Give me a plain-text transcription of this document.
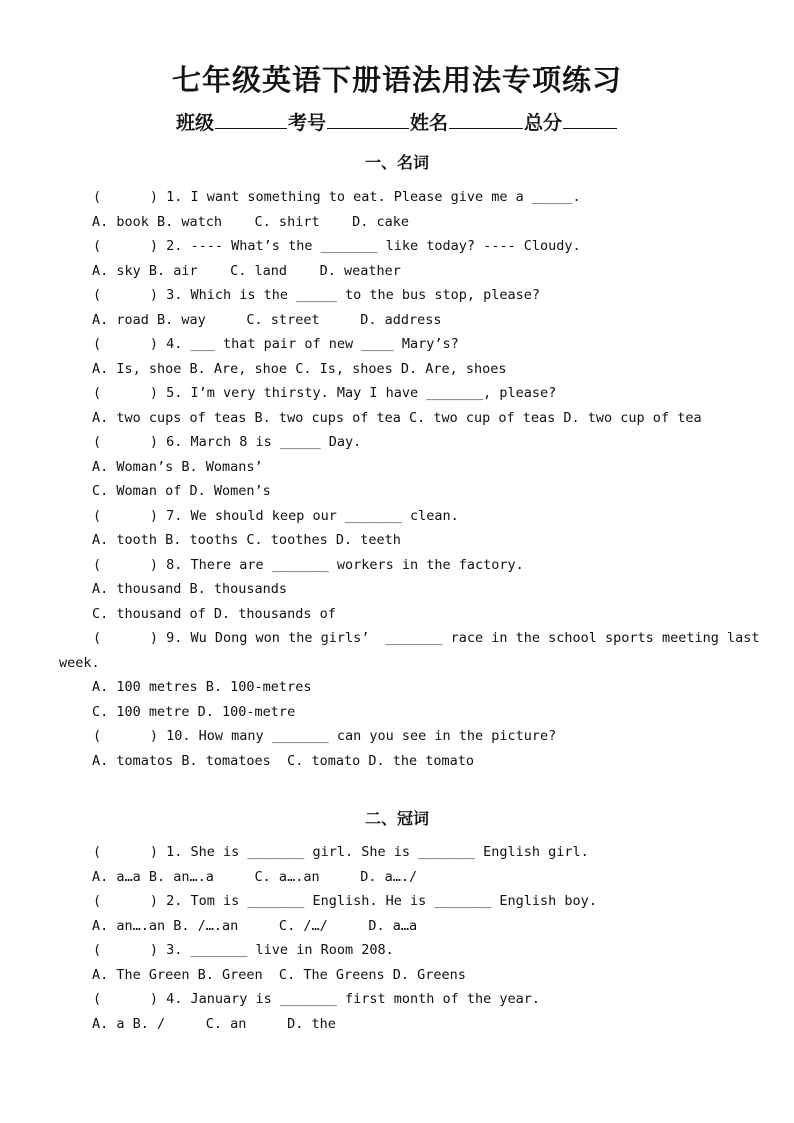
七年级英语下册语法用法专项练习
班级	考号	姓名	总分
一、名词
(      ) 1. I want something to eat. Please give me a _____.
A. book B. watch    C. shirt    D. cake
(      ) 2. ---- What’s the _______ like today? ---- Cloudy.
A. sky B. air    C. land    D. weather
(      ) 3. Which is the _____ to the bus stop, please?
A. road B. way     C. street     D. address
(      ) 4. ___ that pair of new ____ Mary’s?
A. Is, shoe B. Are, shoe C. Is, shoes D. Are, shoes
(      ) 5. I’m very thirsty. May I have _______, please?
A. two cups of teas B. two cups of tea C. two cup of teas D. two cup of tea
(      ) 6. March 8 is _____ Day.
A. Woman’s B. Womans’
C. Woman of D. Women’s
(      ) 7. We should keep our _______ clean.
A. tooth B. tooths C. toothes D. teeth
(      ) 8. There are _______ workers in the factory.
A. thousand B. thousands
C. thousand of D. thousands of
(      ) 9. Wu Dong won the girls’  _______ race in the school sports meeting last
week.
A. 100 metres B. 100-metres
C. 100 metre D. 100-metre
(      ) 10. How many _______ can you see in the picture?
A. tomatos B. tomatoes  C. tomato D. the tomato
二、冠词
(      ) 1. She is _______ girl. She is _______ English girl.
A. a…a B. an….a     C. a….an     D. a…./
(      ) 2. Tom is _______ English. He is _______ English boy.
A. an….an B. /….an     C. /…/     D. a…a
(      ) 3. _______ live in Room 208.
A. The Green B. Green  C. The Greens D. Greens
(      ) 4. January is _______ first month of the year.
A. a B. /     C. an     D. the
